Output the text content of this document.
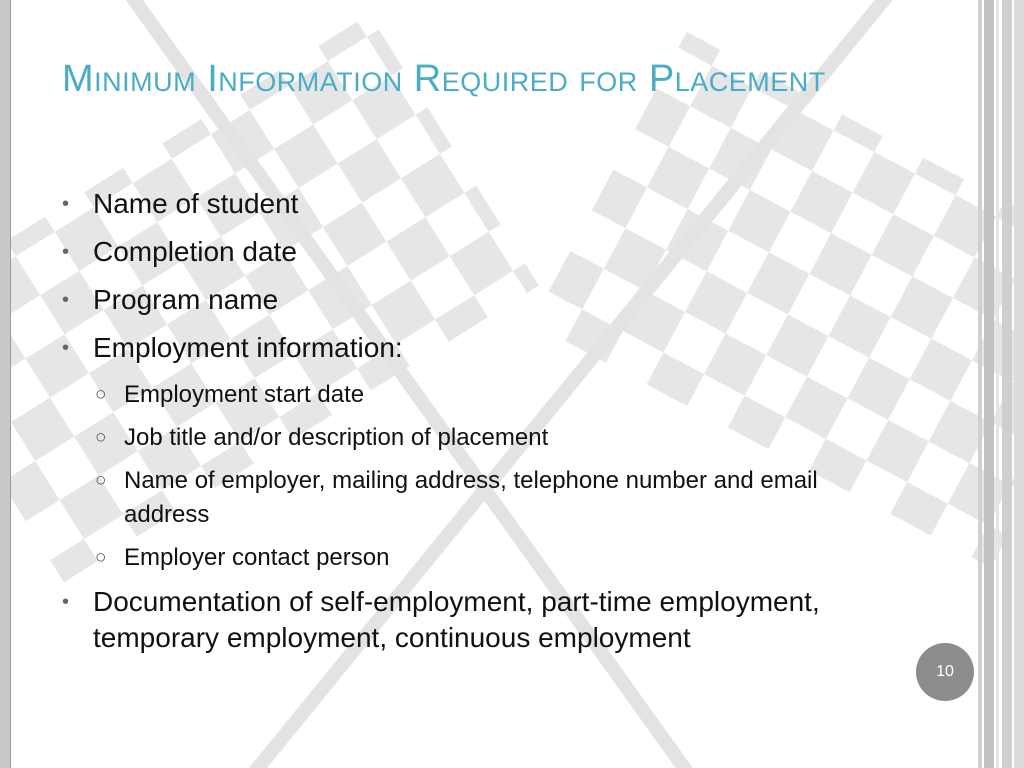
Minimum Information Required for Placement
• Name of student
• Completion date
• Program name
• Employment information:
○ Employment start date
○ Job title and/or description of placement
○ Name of employer, mailing address, telephone number and email address
○ Employer contact person
• Documentation of self-employment, part-time employment, temporary employment, continuous employment
10
